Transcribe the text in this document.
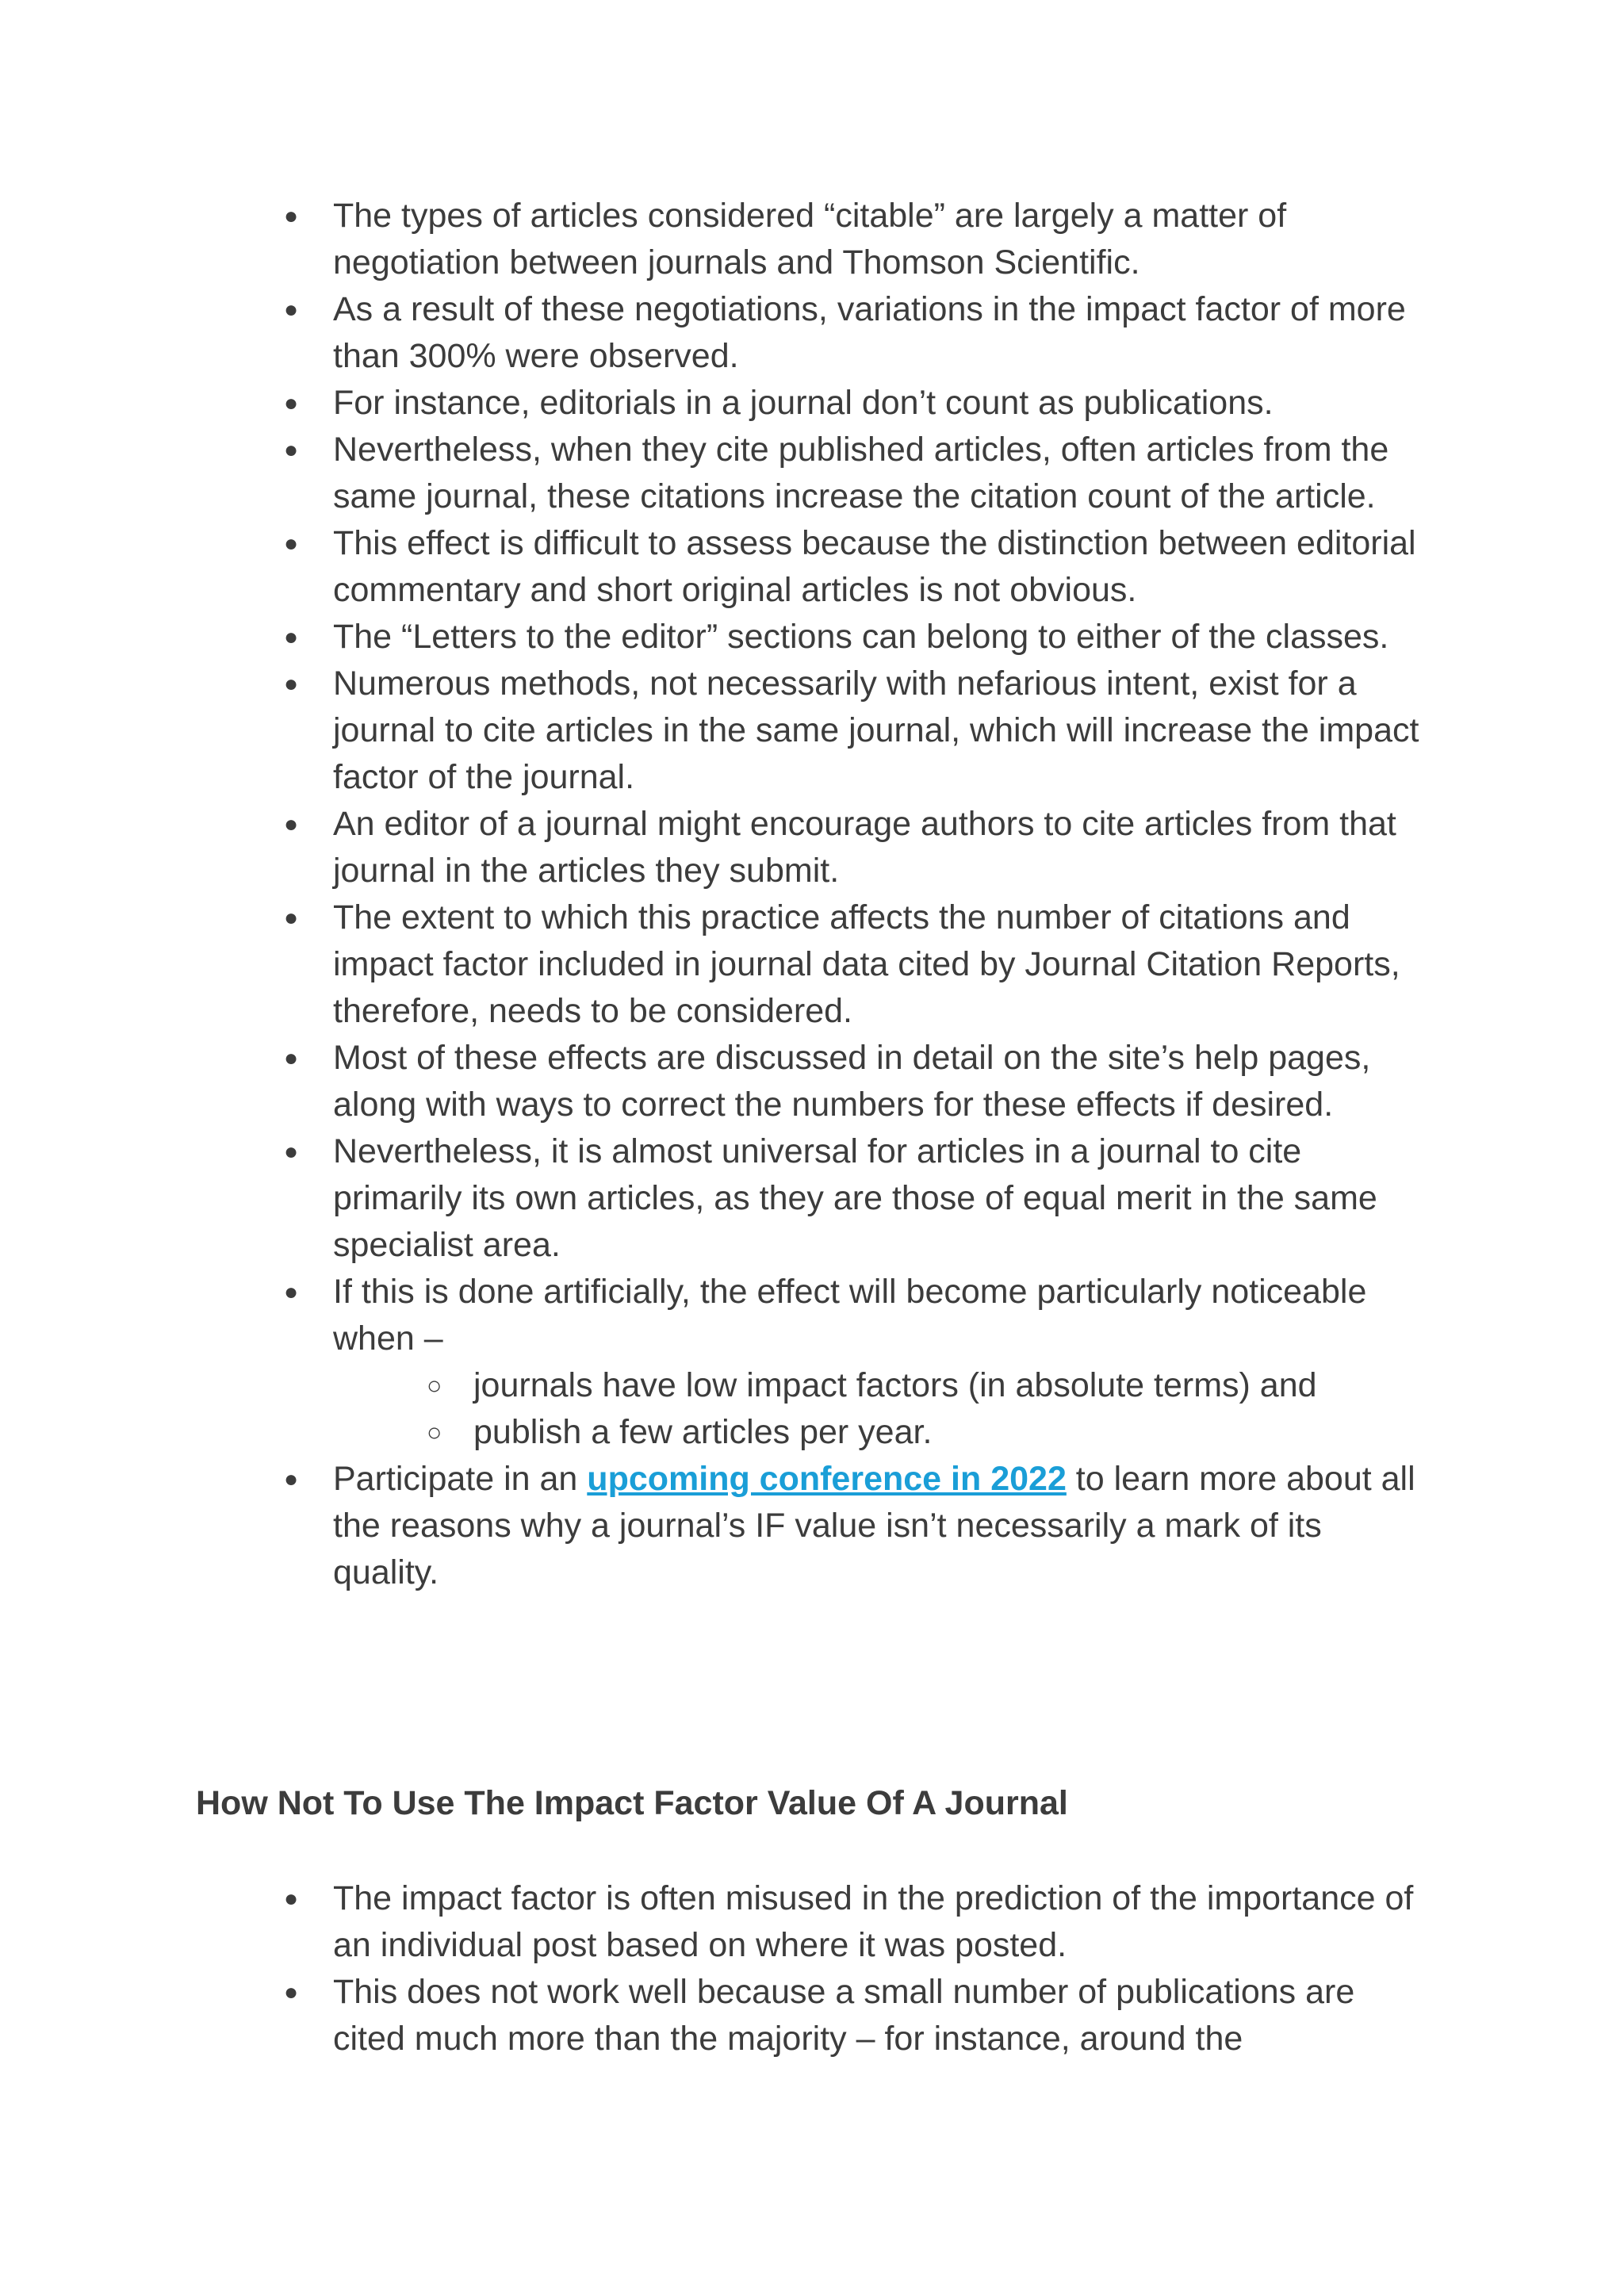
● The types of articles considered “citable” are largely a matter of negotiation between journals and Thomson Scientific.
● As a result of these negotiations, variations in the impact factor of more than 300% were observed.
● For instance, editorials in a journal don’t count as publications.
● Nevertheless, when they cite published articles, often articles from the same journal, these citations increase the citation count of the article.
● This effect is difficult to assess because the distinction between editorial commentary and short original articles is not obvious.
● The “Letters to the editor” sections can belong to either of the classes.
● Numerous methods, not necessarily with nefarious intent, exist for a journal to cite articles in the same journal, which will increase the impact factor of the journal.
● An editor of a journal might encourage authors to cite articles from that journal in the articles they submit.
● The extent to which this practice affects the number of citations and impact factor included in journal data cited by Journal Citation Reports, therefore, needs to be considered.
● Most of these effects are discussed in detail on the site’s help pages, along with ways to correct the numbers for these effects if desired.
● Nevertheless, it is almost universal for articles in a journal to cite primarily its own articles, as they are those of equal merit in the same specialist area.
● If this is done artificially, the effect will become particularly noticeable when –
○ journals have low impact factors (in absolute terms) and
○ publish a few articles per year.
● Participate in an upcoming conference in 2022 to learn more about all the reasons why a journal’s IF value isn’t necessarily a mark of its quality.
How Not To Use The Impact Factor Value Of A Journal
● The impact factor is often misused in the prediction of the importance of an individual post based on where it was posted.
● This does not work well because a small number of publications are cited much more than the majority – for instance, around the
